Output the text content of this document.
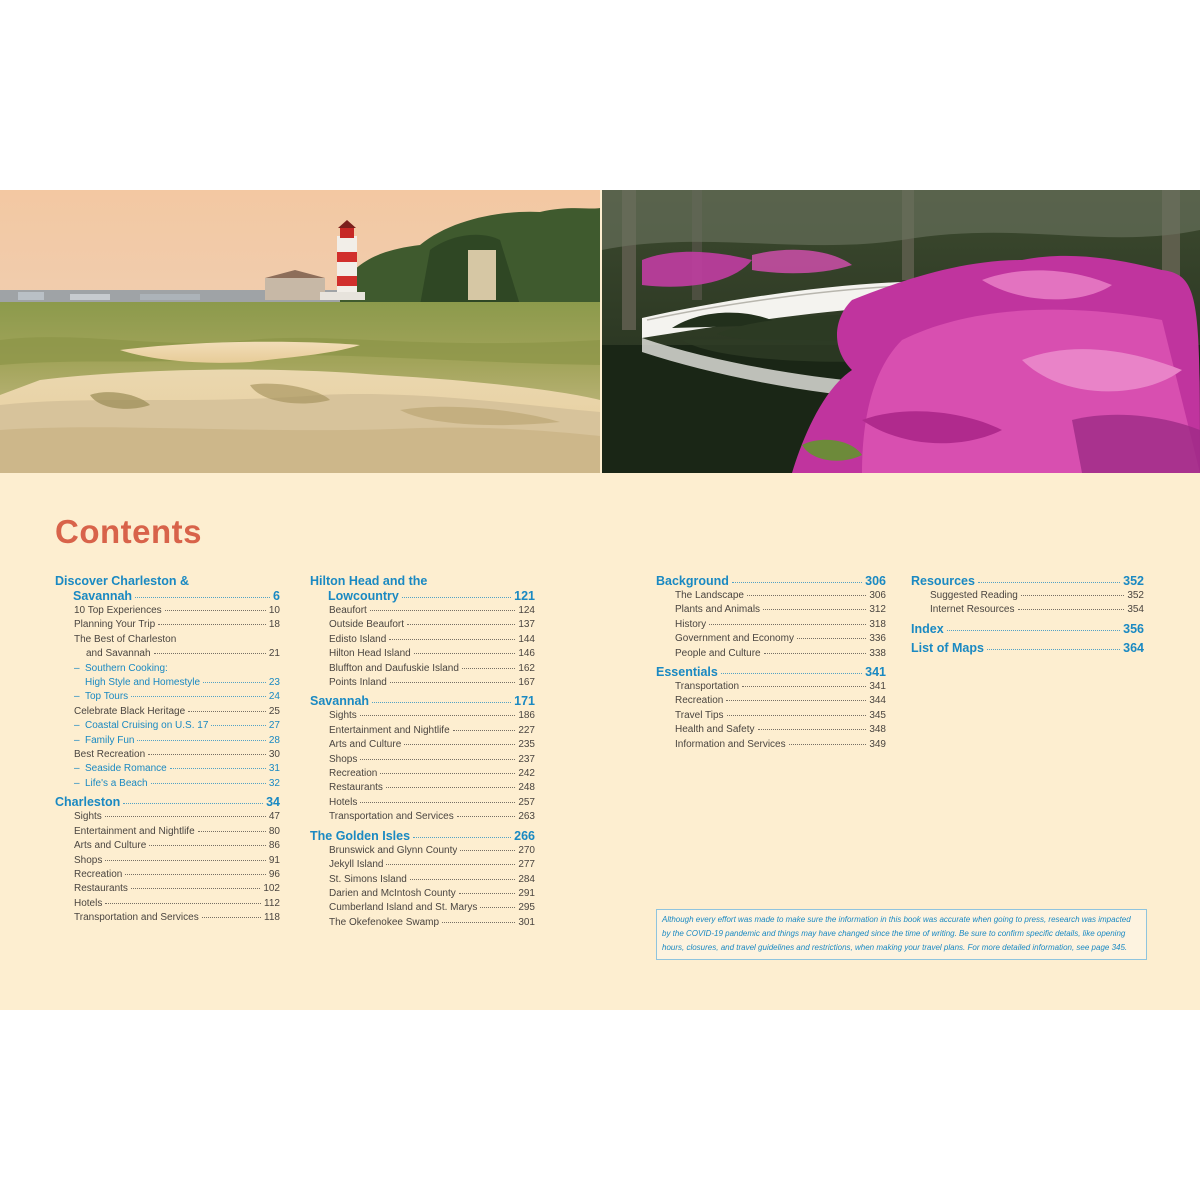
Contents
Discover Charleston &
Savannah	6
10 Top Experiences	10
Planning Your Trip	18
The Best of Charleston
and Savannah	21
– Southern Cooking:
High Style and Homestyle	23
– Top Tours	24
Celebrate Black Heritage	25
– Coastal Cruising on U.S. 17	27
– Family Fun	28
Best Recreation	30
– Seaside Romance	31
– Life's a Beach	32
Charleston	34
Sights	47
Entertainment and Nightlife	80
Arts and Culture	86
Shops	91
Recreation	96
Restaurants	102
Hotels	112
Transportation and Services	118
Hilton Head and the
Lowcountry	121
Beaufort	124
Outside Beaufort	137
Edisto Island	144
Hilton Head Island	146
Bluffton and Daufuskie Island	162
Points Inland	167
Savannah	171
Sights	186
Entertainment and Nightlife	227
Arts and Culture	235
Shops	237
Recreation	242
Restaurants	248
Hotels	257
Transportation and Services	263
The Golden Isles	266
Brunswick and Glynn County	270
Jekyll Island	277
St. Simons Island	284
Darien and McIntosh County	291
Cumberland Island and St. Marys	295
The Okefenokee Swamp	301
Background	306
The Landscape	306
Plants and Animals	312
History	318
Government and Economy	336
People and Culture	338
Essentials	341
Transportation	341
Recreation	344
Travel Tips	345
Health and Safety	348
Information and Services	349
Resources	352
Suggested Reading	352
Internet Resources	354
Index	356
List of Maps	364
Although every effort was made to make sure the information in this book was accurate when going to press, research was impacted by the COVID-19 pandemic and things may have changed since the time of writing. Be sure to confirm specific details, like opening hours, closures, and travel guidelines and restrictions, when making your travel plans. For more detailed information, see page 345.
